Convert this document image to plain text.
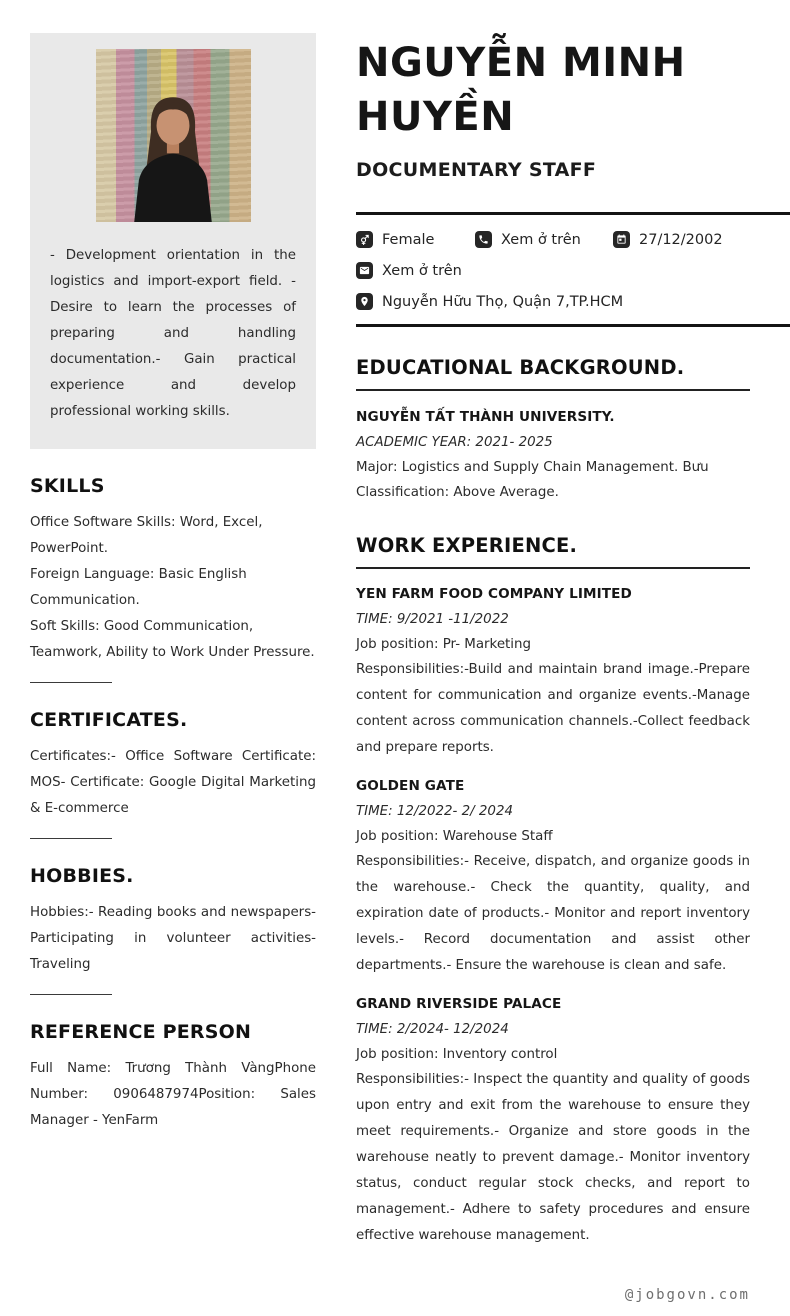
- Development orientation in the logistics and import-export field. - Desire to learn the processes of preparing and handling documentation.- Gain practical experience and develop professional working skills.

SKILLS

Office Software Skills: Word, Excel, PowerPoint.

Foreign Language: Basic English Communication.

Soft Skills: Good Communication, Teamwork, Ability to Work Under Pressure.

CERTIFICATES.

Certificates:- Office Software Certificate: MOS- Certificate: Google Digital Marketing & E-commerce

HOBBIES.

Hobbies:- Reading books and newspapers-Participating in volunteer activities-Traveling

REFERENCE PERSON

Full Name: Trương Thành VàngPhone Number: 0906487974Position: Sales Manager - YenFarm

NGUYỄN MINH HUYỀN
DOCUMENTARY STAFF
Female	Xem ở trên	27/12/2002
Xem ở trên
Nguyễn Hữu Thọ, Quận 7,TP.HCM
EDUCATIONAL BACKGROUND.
NGUYỄN TẤT THÀNH UNIVERSITY.
ACADEMIC YEAR: 2021- 2025
Major: Logistics and Supply Chain Management. Bưu
Classification: Above Average.
WORK EXPERIENCE.
YEN FARM FOOD COMPANY LIMITED
TIME: 9/2021 -11/2022
Job position: Pr- Marketing
Responsibilities:-Build and maintain brand image.-Prepare content for communication and organize events.-Manage content across communication channels.-Collect feedback and prepare reports.
GOLDEN GATE
TIME: 12/2022- 2/ 2024
Job position: Warehouse Staff
Responsibilities:- Receive, dispatch, and organize goods in the warehouse.- Check the quantity, quality, and expiration date of products.- Monitor and report inventory levels.- Record documentation and assist other departments.- Ensure the warehouse is clean and safe.
GRAND RIVERSIDE PALACE
TIME: 2/2024- 12/2024
Job position: Inventory control
Responsibilities:- Inspect the quantity and quality of goods upon entry and exit from the warehouse to ensure they meet requirements.- Organize and store goods in the warehouse neatly to prevent damage.- Monitor inventory status, conduct regular stock checks, and report to management.- Adhere to safety procedures and ensure effective warehouse management.
@jobgovn.com
